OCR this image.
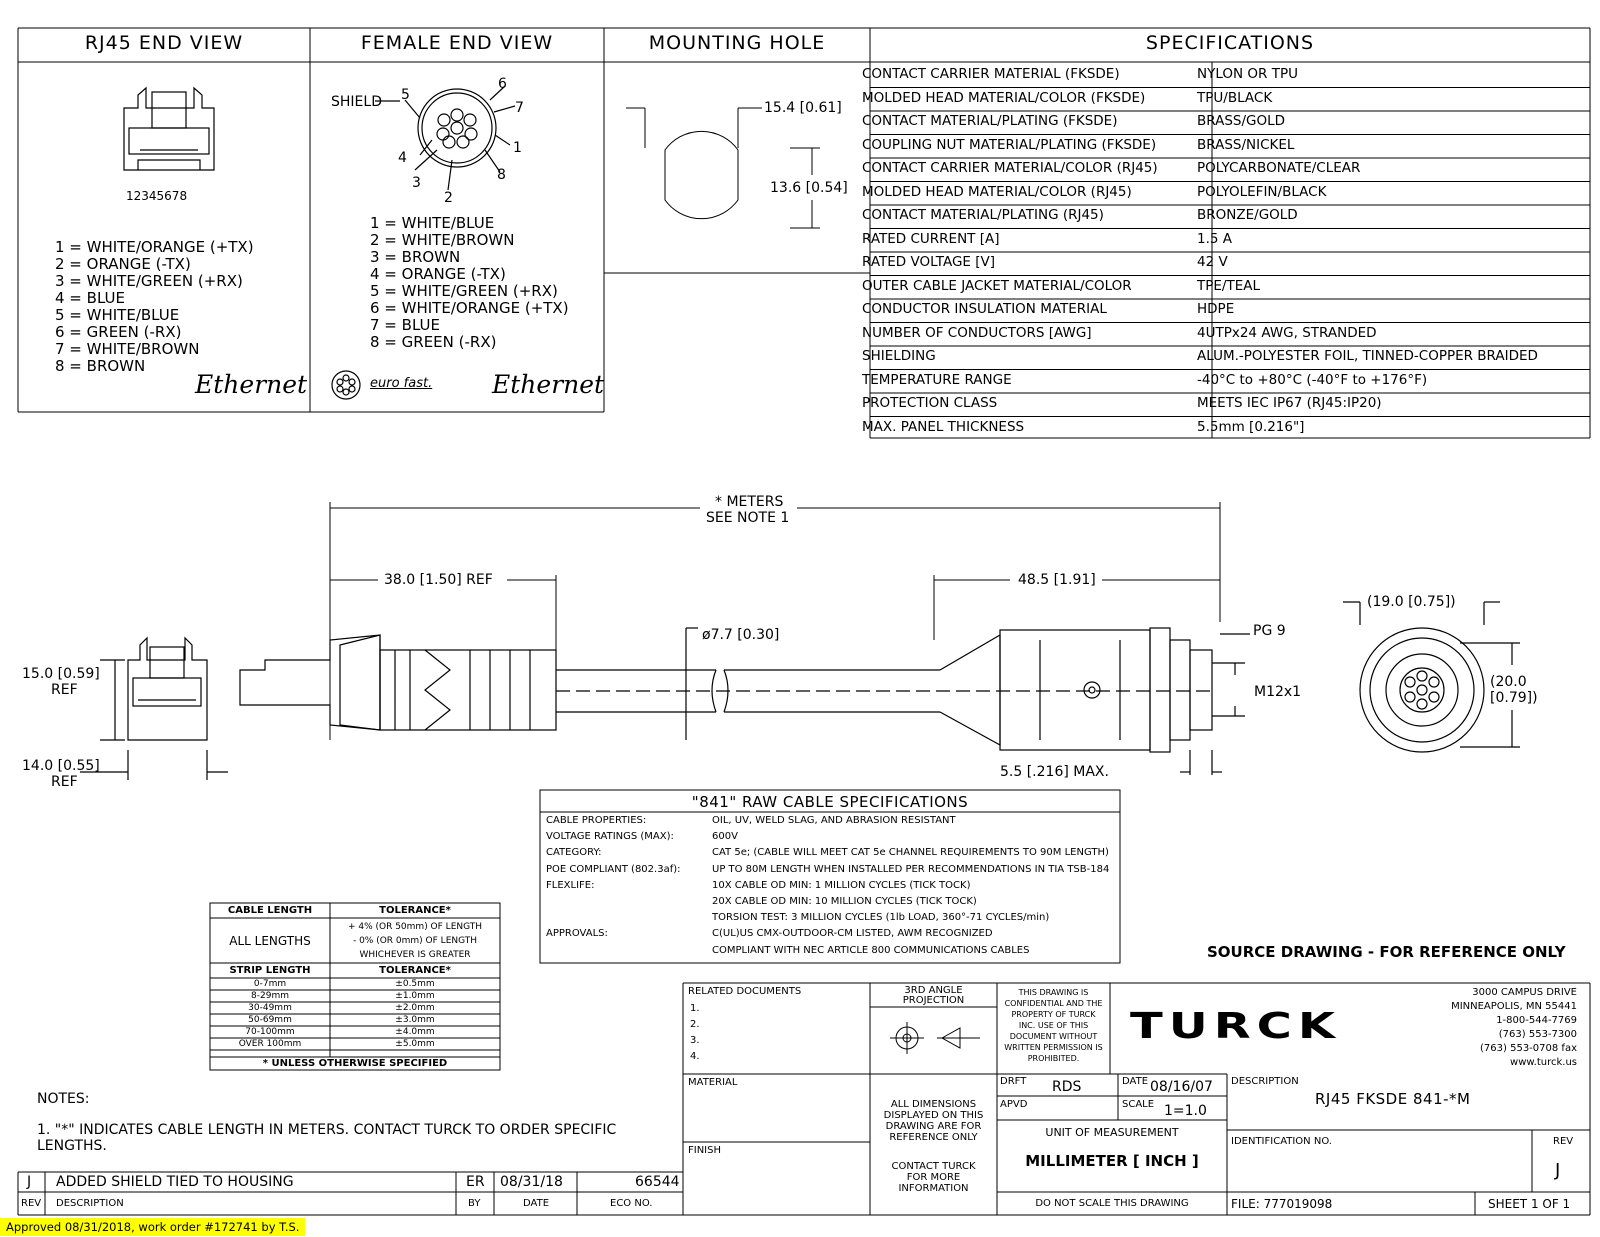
RJ45 END VIEW	FEMALE END VIEW	MOUNTING HOLE	SPECIFICATIONS
12345678
1 = WHITE/ORANGE (+TX)
2 = ORANGE (-TX)
3 = WHITE/GREEN (+RX)
4 = BLUE
5 = WHITE/BLUE
6 = GREEN (-RX)
7 = WHITE/BROWN
8 = BROWN
Ethernet
SHIELD
1
2
3
4
5
6
7
8
1 = WHITE/BLUE
2 = WHITE/BROWN
3 = BROWN
4 = ORANGE (-TX)
5 = WHITE/GREEN (+RX)
6 = WHITE/ORANGE (+TX)
7 = BLUE
8 = GREEN (-RX)
euro fast. Ethernet
15.4 [0.61]
13.6 [0.54]
CONTACT CARRIER MATERIAL (FKSDE)	NYLON OR TPU
MOLDED HEAD MATERIAL/COLOR (FKSDE)	TPU/BLACK
CONTACT MATERIAL/PLATING (FKSDE)	BRASS/GOLD
COUPLING NUT MATERIAL/PLATING (FKSDE)	BRASS/NICKEL
CONTACT CARRIER MATERIAL/COLOR (RJ45)	POLYCARBONATE/CLEAR
MOLDED HEAD MATERIAL/COLOR (RJ45)	POLYOLEFIN/BLACK
CONTACT MATERIAL/PLATING (RJ45)	BRONZE/GOLD
RATED CURRENT [A]	1.5 A
RATED VOLTAGE [V]	42 V
OUTER CABLE JACKET MATERIAL/COLOR	TPE/TEAL
CONDUCTOR INSULATION MATERIAL	HDPE
NUMBER OF CONDUCTORS [AWG]	4UTPx24 AWG, STRANDED
SHIELDING	ALUM.-POLYESTER FOIL, TINNED-COPPER BRAIDED
TEMPERATURE RANGE	-40°C to +80°C (-40°F to +176°F)
PROTECTION CLASS	MEETS IEC IP67 (RJ45:IP20)
MAX. PANEL THICKNESS	5.5mm [0.216"]
* METERS
SEE NOTE 1
38.0 [1.50] REF	48.5 [1.91]
ø7.7 [0.30]	PG 9
M12x1
15.0 [0.59]
REF
14.0 [0.55]
REF
5.5 [.216] MAX.
(19.0 [0.75])
(20.0
[0.79])
"841" RAW CABLE SPECIFICATIONS
CABLE PROPERTIES:	OIL, UV, WELD SLAG, AND ABRASION RESISTANT
VOLTAGE RATINGS (MAX):	600V
CATEGORY:	CAT 5e; (CABLE WILL MEET CAT 5e CHANNEL REQUIREMENTS TO 90M LENGTH)
POE COMPLIANT (802.3af):	UP TO 80M LENGTH WHEN INSTALLED PER RECOMMENDATIONS IN TIA TSB-184
FLEXLIFE:	10X CABLE OD MIN: 1 MILLION CYCLES (TICK TOCK)
20X CABLE OD MIN: 10 MILLION CYCLES (TICK TOCK)
TORSION TEST: 3 MILLION CYCLES (1lb LOAD, 360°-71 CYCLES/min)
APPROVALS:	C(UL)US CMX-OUTDOOR-CM LISTED, AWM RECOGNIZED
COMPLIANT WITH NEC ARTICLE 800 COMMUNICATIONS CABLES
CABLE LENGTH	TOLERANCE*
ALL LENGTHS
+ 4% (OR 50mm) OF LENGTH
- 0% (OR 0mm) OF LENGTH
WHICHEVER IS GREATER
STRIP LENGTH	TOLERANCE*
0-7mm	±0.5mm
8-29mm	±1.0mm
30-49mm	±2.0mm
50-69mm	±3.0mm
70-100mm	±4.0mm
OVER 100mm	±5.0mm
* UNLESS OTHERWISE SPECIFIED
SOURCE DRAWING - FOR REFERENCE ONLY
NOTES:
1. "*" INDICATES CABLE LENGTH IN METERS. CONTACT TURCK TO ORDER SPECIFIC
LENGTHS.
J ADDED SHIELD TIED TO HOUSING	ER 08/31/18	66544
REV DESCRIPTION	BY	DATE	ECO NO.
RELATED DOCUMENTS
1.
2.
3.
4.
3RD ANGLE
PROJECTION
THIS DRAWING IS
CONFIDENTIAL AND THE
PROPERTY OF TURCK
INC. USE OF THIS
DOCUMENT WITHOUT
WRITTEN PERMISSION IS
PROHIBITED.
TURCK
3000 CAMPUS DRIVE
MINNEAPOLIS, MN 55441
1-800-544-7769
(763) 553-7300
(763) 553-0708 fax
www.turck.us
MATERIAL
FINISH
ALL DIMENSIONS
DISPLAYED ON THIS
DRAWING ARE FOR
REFERENCE ONLY
CONTACT TURCK
FOR MORE
INFORMATION
DRFT RDS	DATE 08/16/07
APVD	SCALE 1=1.0
UNIT OF MEASUREMENT
MILLIMETER [ INCH ]
DO NOT SCALE THIS DRAWING
DESCRIPTION
RJ45 FKSDE 841-*M
IDENTIFICATION NO.	REV
J
FILE: 777019098	SHEET 1 OF 1
Approved 08/31/2018, work order #172741 by T.S.
